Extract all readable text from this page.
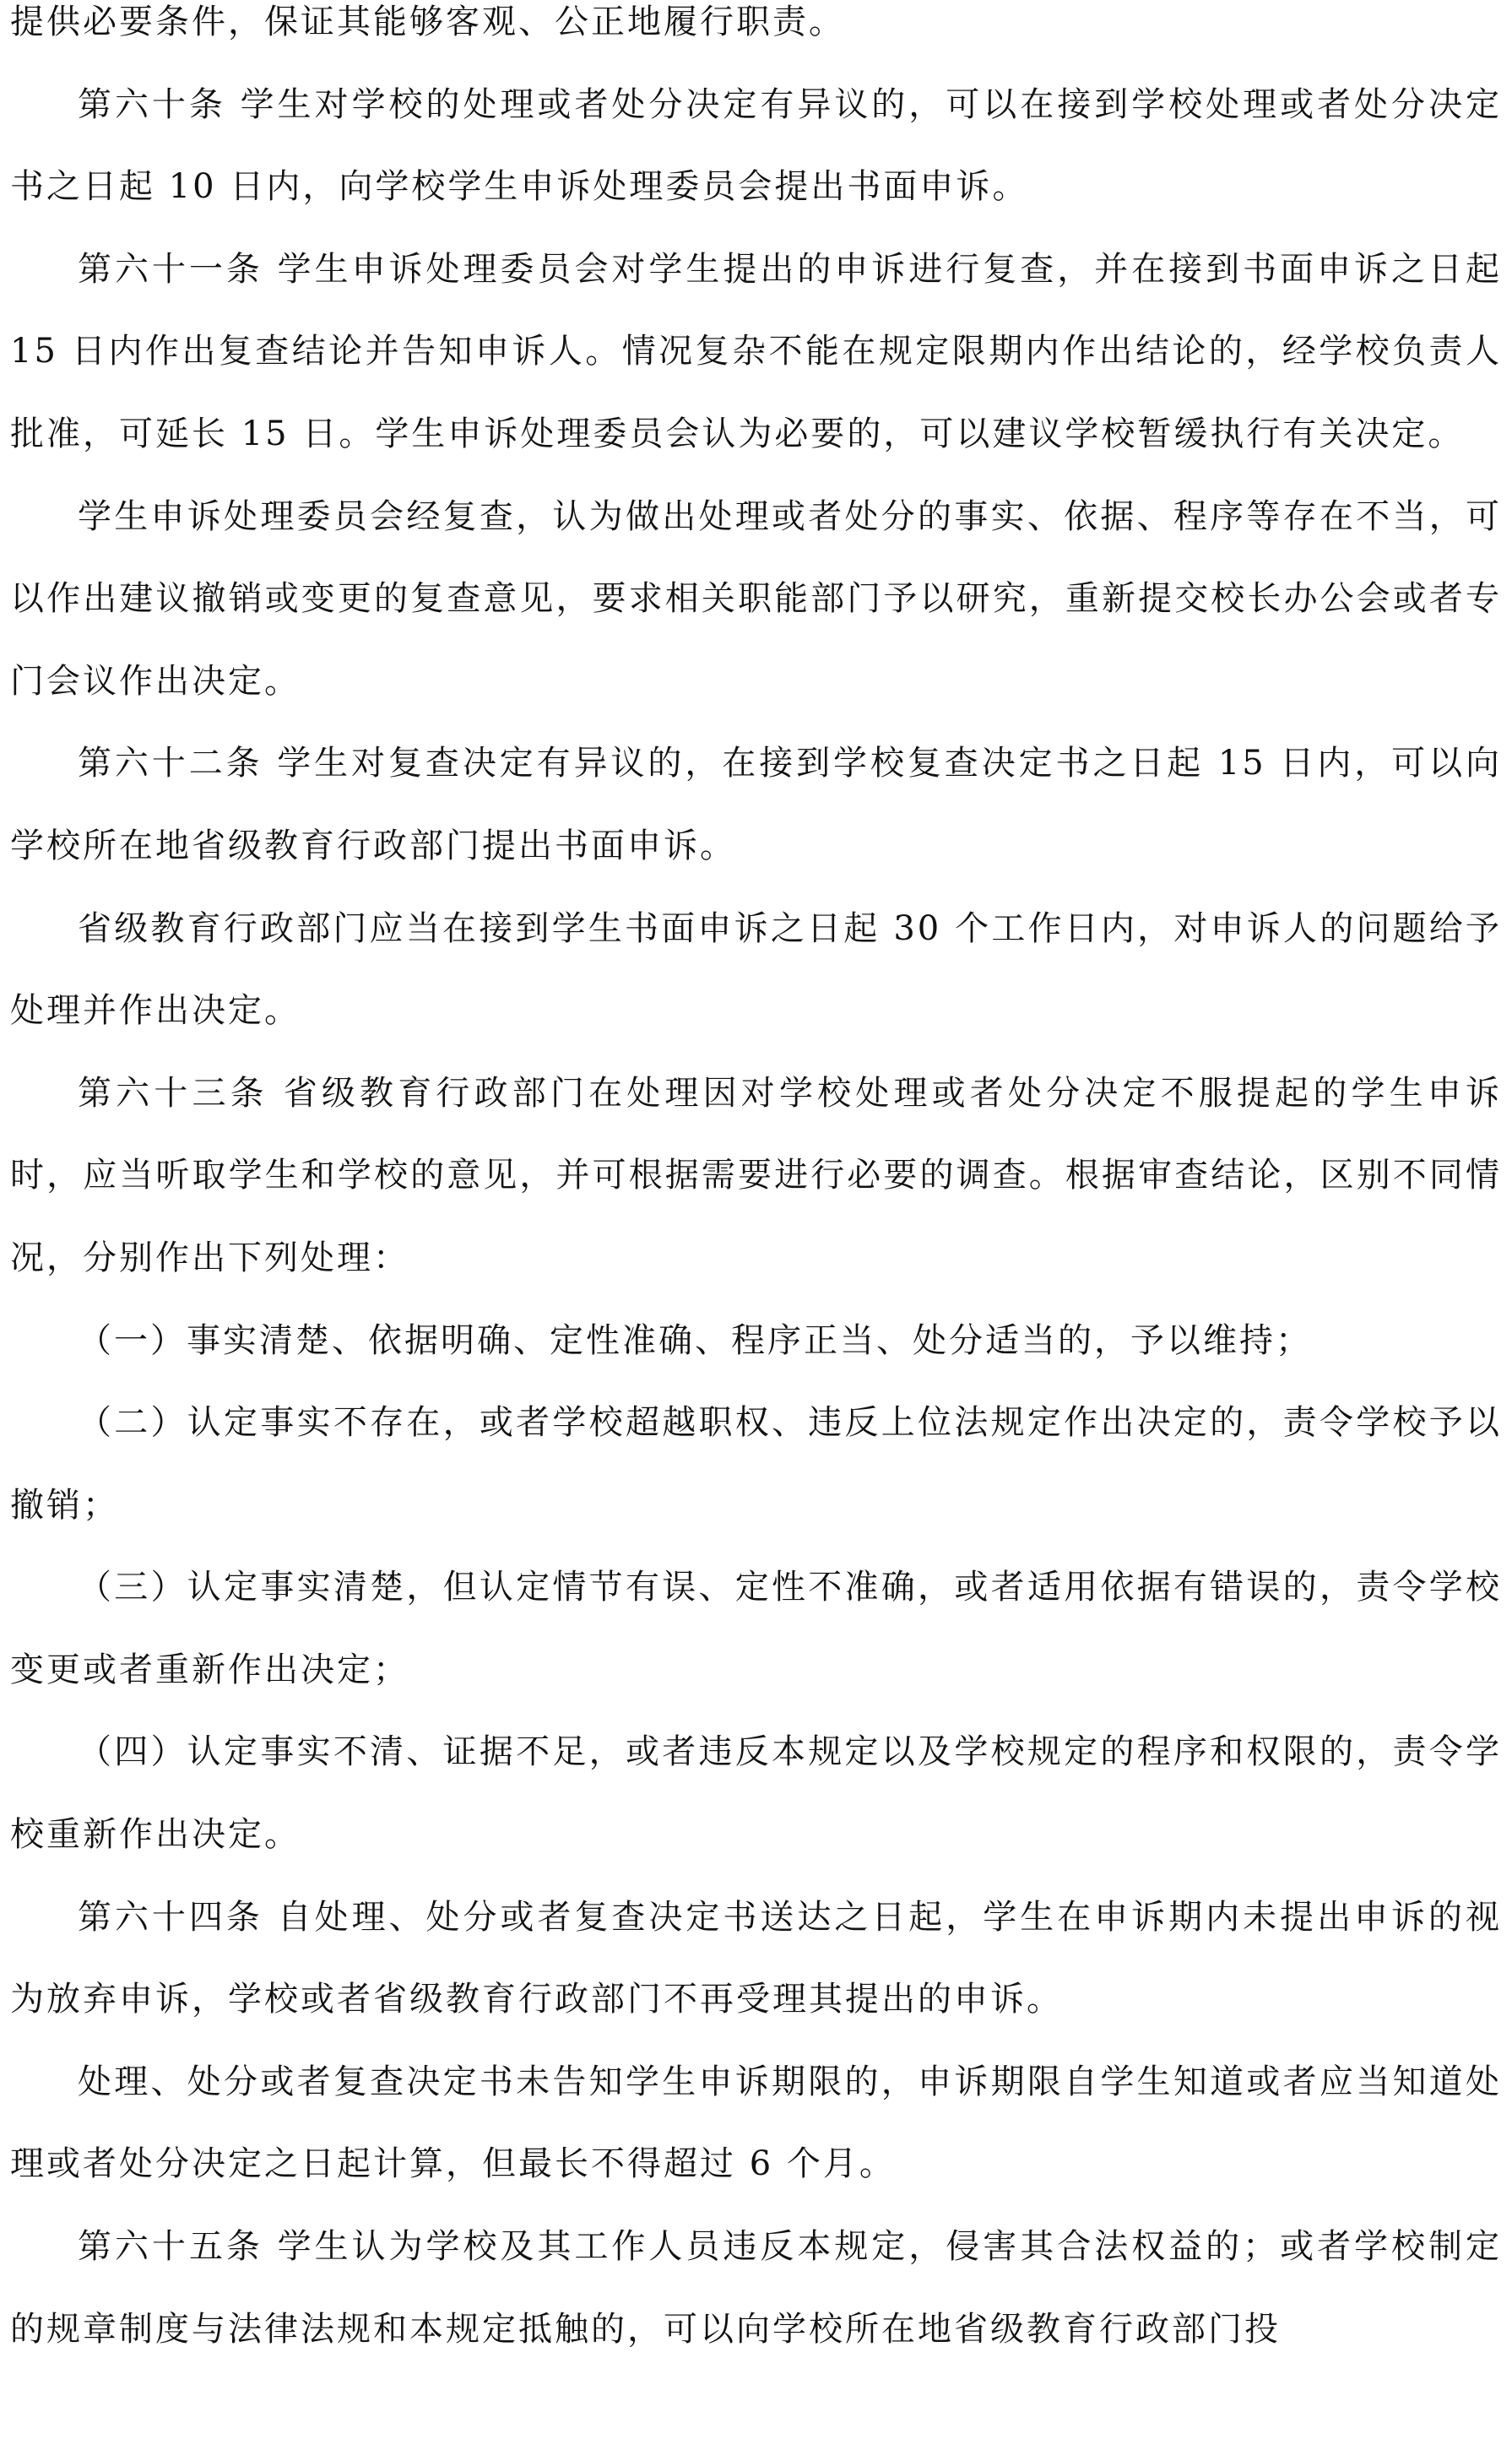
提供必要条件，保证其能够客观、公正地履行职责。

第六十条 学生对学校的处理或者处分决定有异议的，可以在接到学校处理或者处分决定书之日起 10 日内，向学校学生申诉处理委员会提出书面申诉。

第六十一条 学生申诉处理委员会对学生提出的申诉进行复查，并在接到书面申诉之日起 15 日内作出复查结论并告知申诉人。情况复杂不能在规定限期内作出结论的，经学校负责人批准，可延长 15 日。学生申诉处理委员会认为必要的，可以建议学校暂缓执行有关决定。

学生申诉处理委员会经复查，认为做出处理或者处分的事实、依据、程序等存在不当，可以作出建议撤销或变更的复查意见，要求相关职能部门予以研究，重新提交校长办公会或者专门会议作出决定。

第六十二条 学生对复查决定有异议的，在接到学校复查决定书之日起 15 日内，可以向学校所在地省级教育行政部门提出书面申诉。

省级教育行政部门应当在接到学生书面申诉之日起 30 个工作日内，对申诉人的问题给予处理并作出决定。

第六十三条 省级教育行政部门在处理因对学校处理或者处分决定不服提起的学生申诉时，应当听取学生和学校的意见，并可根据需要进行必要的调查。根据审查结论，区别不同情况，分别作出下列处理：

（一）事实清楚、依据明确、定性准确、程序正当、处分适当的，予以维持；

（二）认定事实不存在，或者学校超越职权、违反上位法规定作出决定的，责令学校予以撤销；

（三）认定事实清楚，但认定情节有误、定性不准确，或者适用依据有错误的，责令学校变更或者重新作出决定；

（四）认定事实不清、证据不足，或者违反本规定以及学校规定的程序和权限的，责令学校重新作出决定。

第六十四条 自处理、处分或者复查决定书送达之日起，学生在申诉期内未提出申诉的视为放弃申诉，学校或者省级教育行政部门不再受理其提出的申诉。

处理、处分或者复查决定书未告知学生申诉期限的，申诉期限自学生知道或者应当知道处理或者处分决定之日起计算，但最长不得超过 6 个月。

第六十五条 学生认为学校及其工作人员违反本规定，侵害其合法权益的；或者学校制定的规章制度与法律法规和本规定抵触的，可以向学校所在地省级教育行政部门投
